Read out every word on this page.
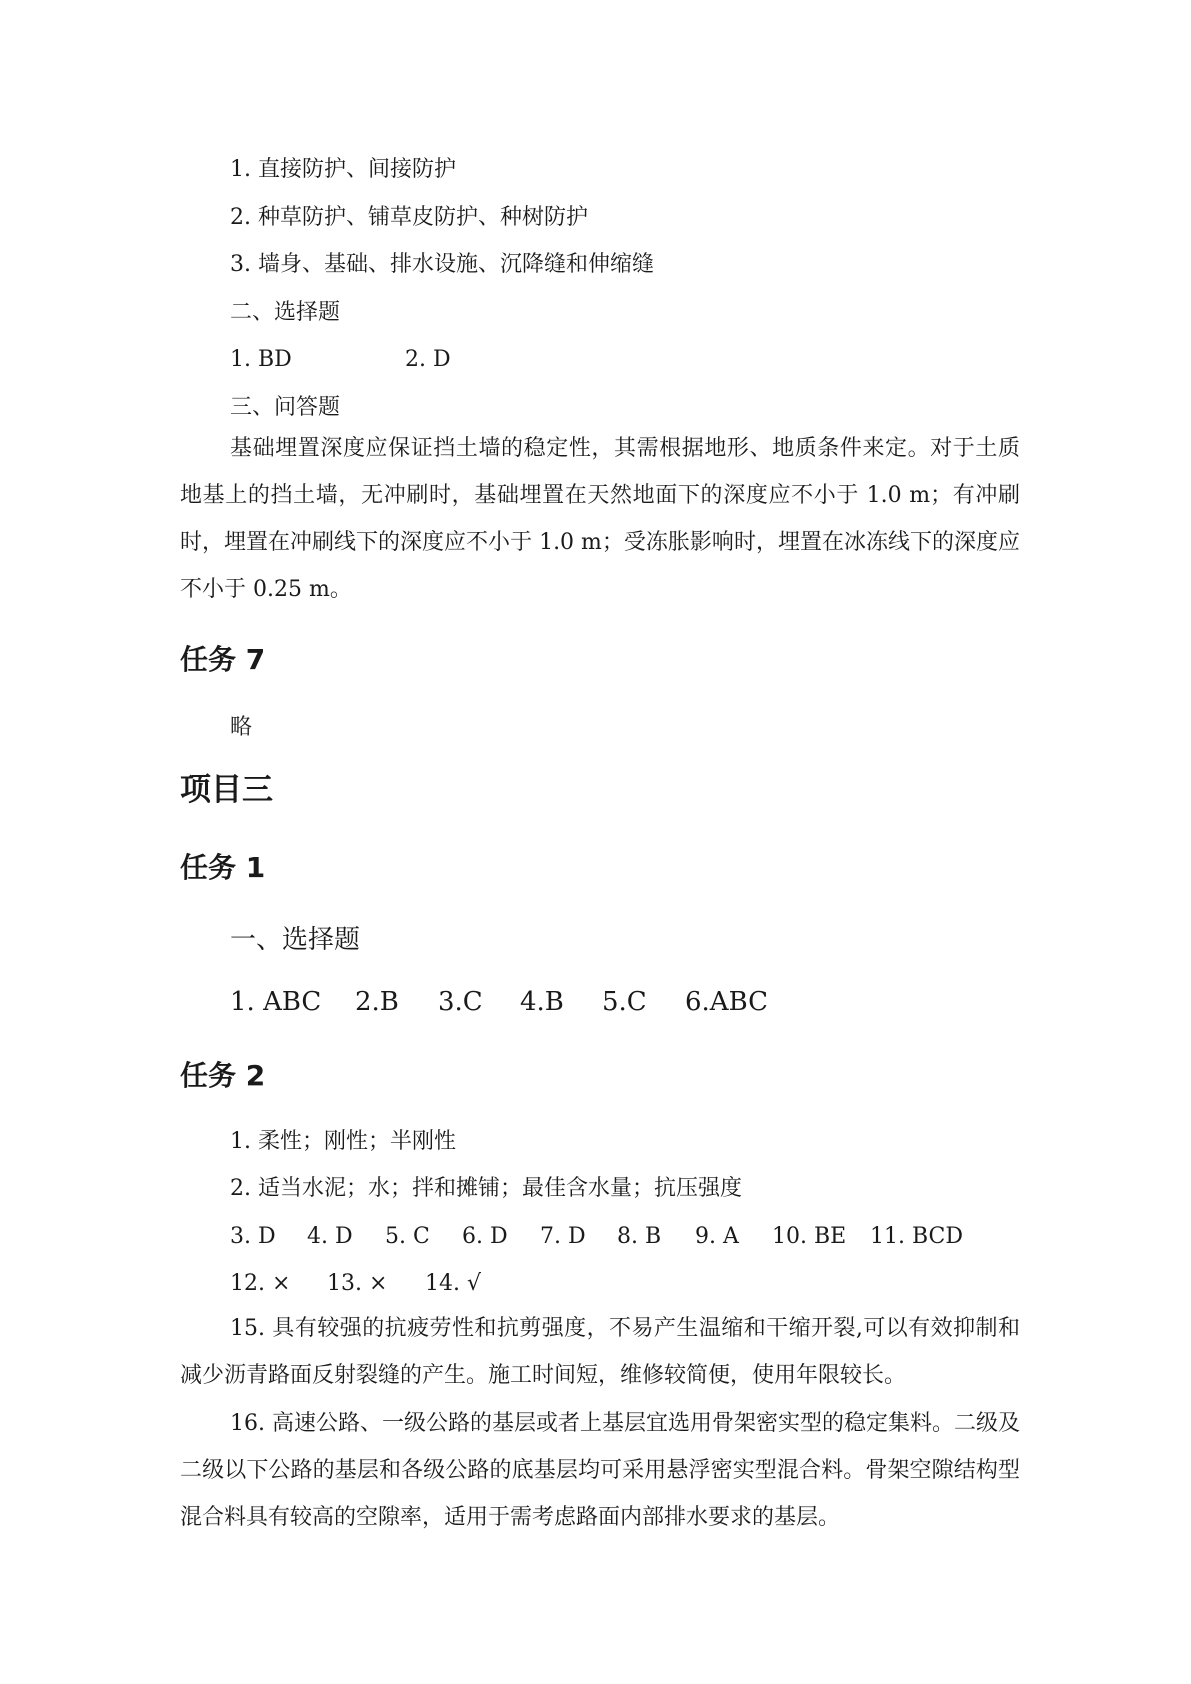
1. 直接防护、间接防护
2. 种草防护、铺草皮防护、种树防护
3. 墙身、基础、排水设施、沉降缝和伸缩缝
二、选择题
1. BD	2. D
三、问答题
基础埋置深度应保证挡土墙的稳定性，其需根据地形、地质条件来定。对于土质地基上的挡土墙，无冲刷时，基础埋置在天然地面下的深度应不小于 1.0 m；有冲刷时，埋置在冲刷线下的深度应不小于 1.0 m；受冻胀影响时，埋置在冰冻线下的深度应不小于 0.25 m。
任务 7
略
项目三
任务 1
一、选择题
1. ABC 2.B 3.C 4.B 5.C 6.ABC
任务 2
1. 柔性；刚性；半刚性
2. 适当水泥；水；拌和摊铺；最佳含水量；抗压强度
3. D 4. D 5. C 6. D 7. D 8. B 9. A 10. BE 11. BCD
12. × 13. × 14. √
15. 具有较强的抗疲劳性和抗剪强度，不易产生温缩和干缩开裂,可以有效抑制和减少沥青路面反射裂缝的产生。施工时间短，维修较简便，使用年限较长。
16. 高速公路、一级公路的基层或者上基层宜选用骨架密实型的稳定集料。二级及二级以下公路的基层和各级公路的底基层均可采用悬浮密实型混合料。骨架空隙结构型混合料具有较高的空隙率，适用于需考虑路面内部排水要求的基层。
